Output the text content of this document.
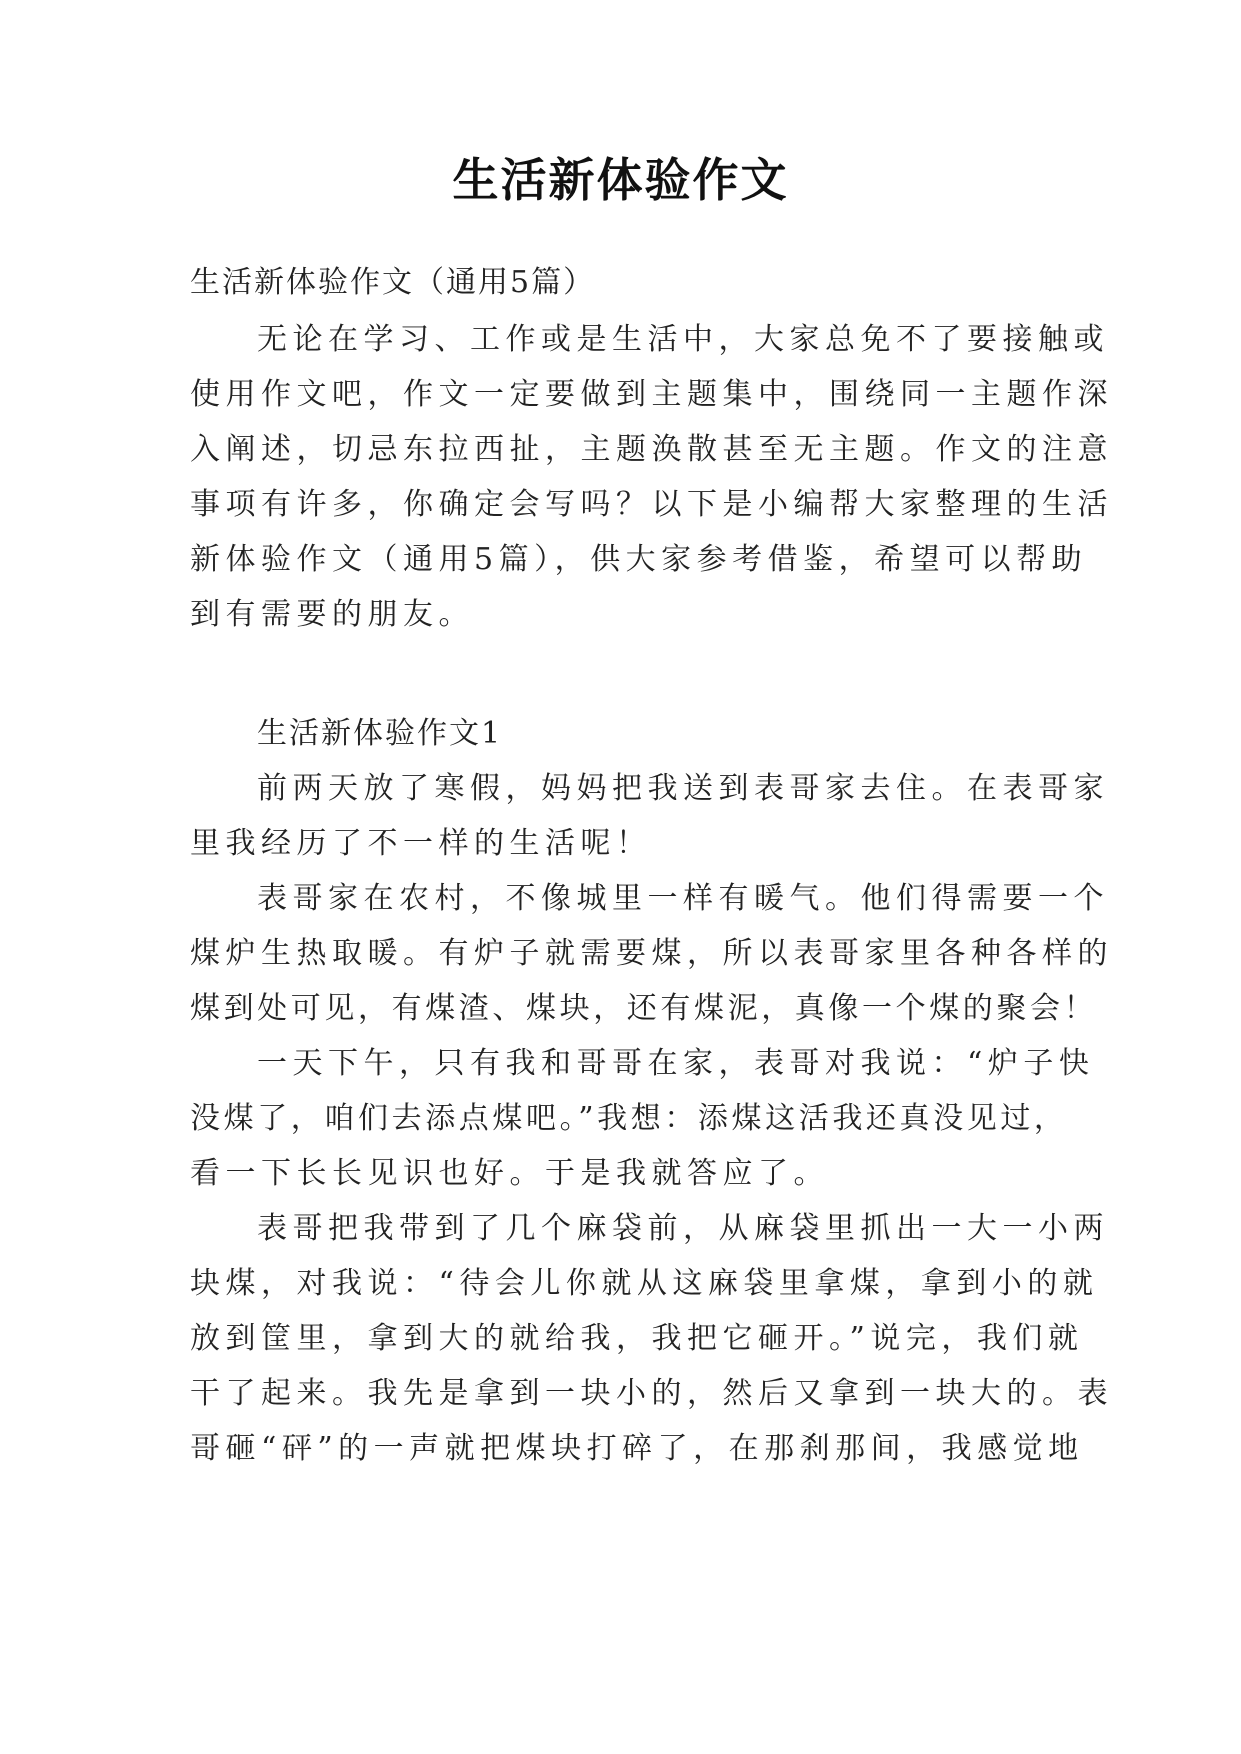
生活新体验作文
生活新体验作文（通用5篇）
无论在学习、工作或是生活中，大家总免不了要接触或
使用作文吧，作文一定要做到主题集中，围绕同一主题作深
入阐述，切忌东拉西扯，主题涣散甚至无主题。作文的注意
事项有许多，你确定会写吗？以下是小编帮大家整理的生活
新体验作文（通用5篇），供大家参考借鉴，希望可以帮助
到有需要的朋友。
生活新体验作文1
前两天放了寒假，妈妈把我送到表哥家去住。在表哥家
里我经历了不一样的生活呢！
表哥家在农村，不像城里一样有暖气。他们得需要一个
煤炉生热取暖。有炉子就需要煤，所以表哥家里各种各样的
煤到处可见，有煤渣、煤块，还有煤泥，真像一个煤的聚会！
一天下午，只有我和哥哥在家，表哥对我说：“炉子快
没煤了，咱们去添点煤吧。”我想：添煤这活我还真没见过，
看一下长长见识也好。于是我就答应了。
表哥把我带到了几个麻袋前，从麻袋里抓出一大一小两
块煤，对我说：“待会儿你就从这麻袋里拿煤，拿到小的就
放到筐里，拿到大的就给我，我把它砸开。”说完，我们就
干了起来。我先是拿到一块小的，然后又拿到一块大的。表
哥砸“砰”的一声就把煤块打碎了，在那刹那间，我感觉地
